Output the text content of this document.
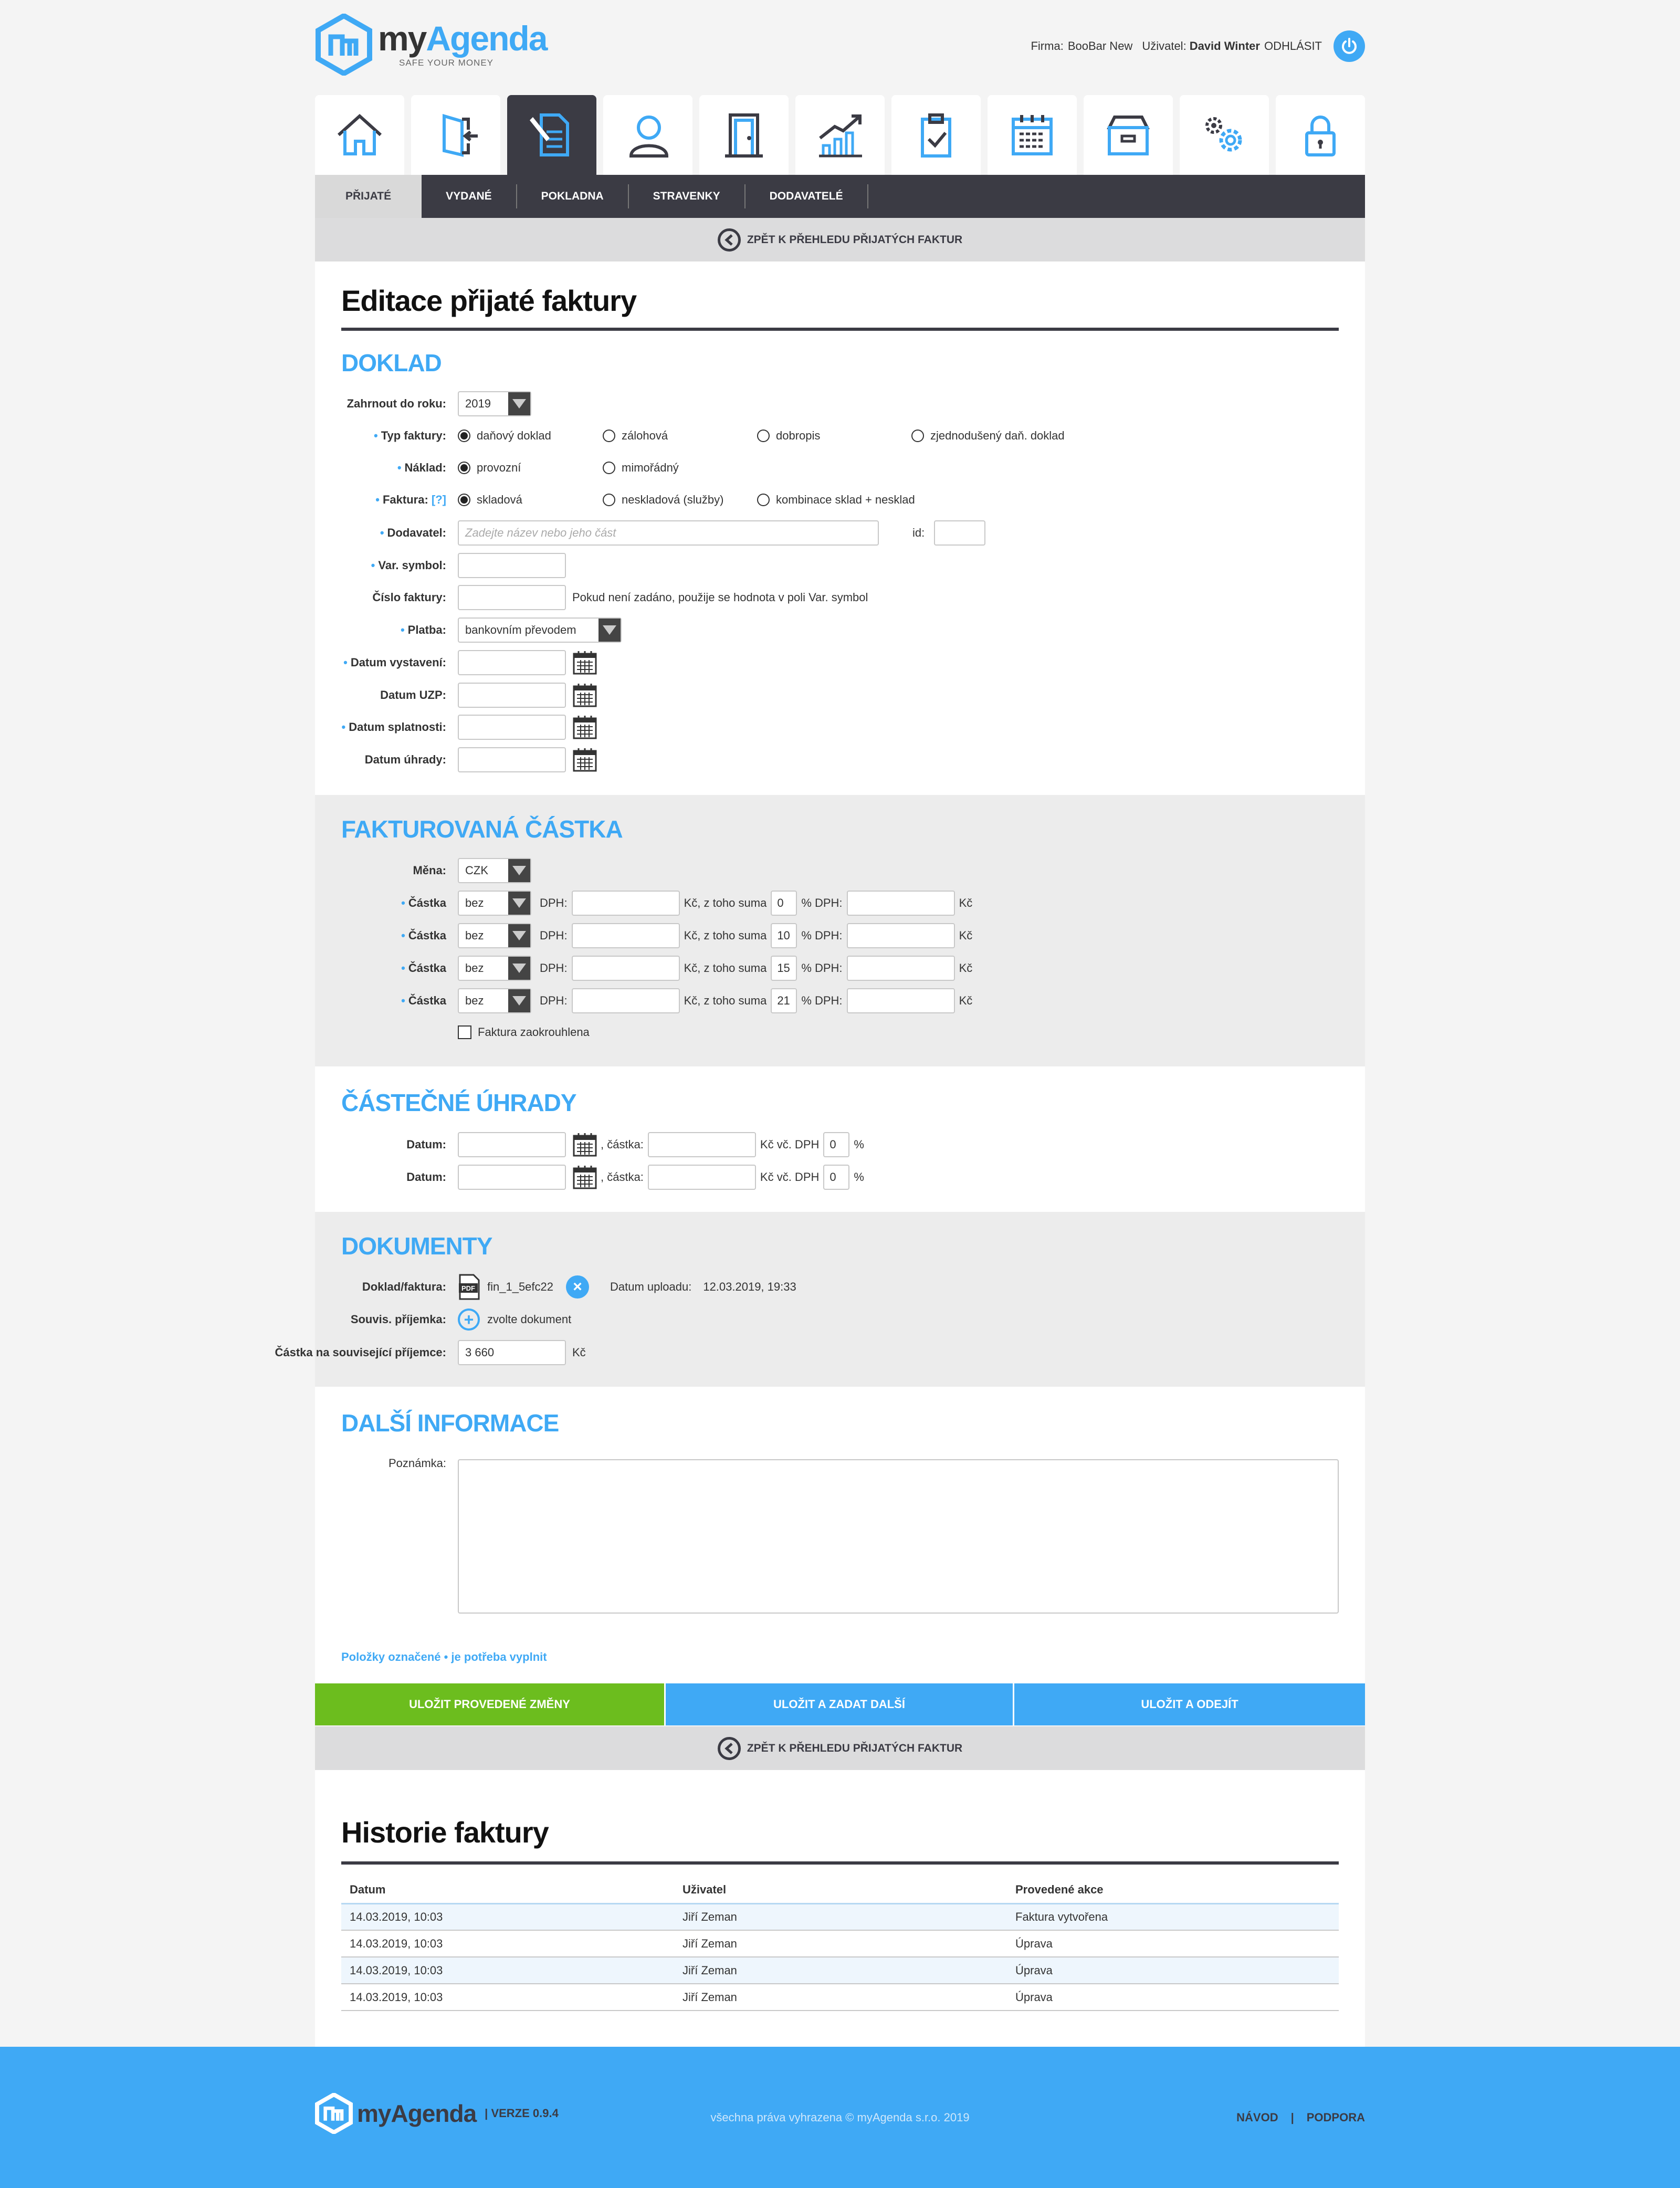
myAgenda
SAFE YOUR MONEY
Firma: BooBar New Uživatel: David Winter ODHLÁSIT
PŘIJATÉ	VYDANÉ	POKLADNA	STRAVENKY	DODAVATELÉ
ZPĚT K PŘEHLEDU PŘIJATÝCH FAKTUR
Editace přijaté faktury
DOKLAD
Zahrnout do roku: 2019
• Typ faktury:	daňový doklad	zálohová	dobropis	zjednodušený daň. doklad
• Náklad:	provozní	mimořádný
• Faktura: [?]	skladová	neskladová (služby)	kombinace sklad + nesklad
• Dodavatel:	Zadejte název nebo jeho část	id:
• Var. symbol:
Číslo faktury:	Pokud není zadáno, použije se hodnota v poli Var. symbol
• Platba: bankovním převodem
• Datum vystavení:
Datum UZP:
• Datum splatnosti:
Datum úhrady:
FAKTUROVANÁ ČÁSTKA
Měna: CZK
• Částka bez	DPH:	Kč, z toho suma 0	% DPH:	Kč
• Částka bez	DPH:	Kč, z toho suma 10 % DPH:	Kč
• Částka bez	DPH:	Kč, z toho suma 15 % DPH:	Kč
• Částka bez	DPH:	Kč, z toho suma 21 % DPH:	Kč
Faktura zaokrouhlena
ČÁSTEČNÉ ÚHRADY
Datum:	, částka:	Kč vč. DPH 0	%
Datum:	, částka:	Kč vč. DPH 0	%
DOKUMENTY
Doklad/faktura: PDF fin_1_5efc22	×	Datum uploadu: 12.03.2019, 19:33
Souvis. příjemka:	+	zvolte dokument
Částka na související příjemce:	3 660	Kč
DALŠÍ INFORMACE
Poznámka:
Položky označené • je potřeba vyplnit
ULOŽIT PROVEDENÉ ZMĚNY	ULOŽIT A ZADAT DALŠÍ	ULOŽIT A ODEJÍT
ZPĚT K PŘEHLEDU PŘIJATÝCH FAKTUR
Historie faktury
Datum	Uživatel	Provedené akce
14.03.2019, 10:03	Jiří Zeman	Faktura vytvořena
14.03.2019, 10:03	Jiří Zeman	Úprava
14.03.2019, 10:03	Jiří Zeman	Úprava
14.03.2019, 10:03	Jiří Zeman	Úprava
myAgenda | VERZE 0.9.4	všechna práva vyhrazena © myAgenda s.r.o. 2019	NÁVOD | PODPORA
